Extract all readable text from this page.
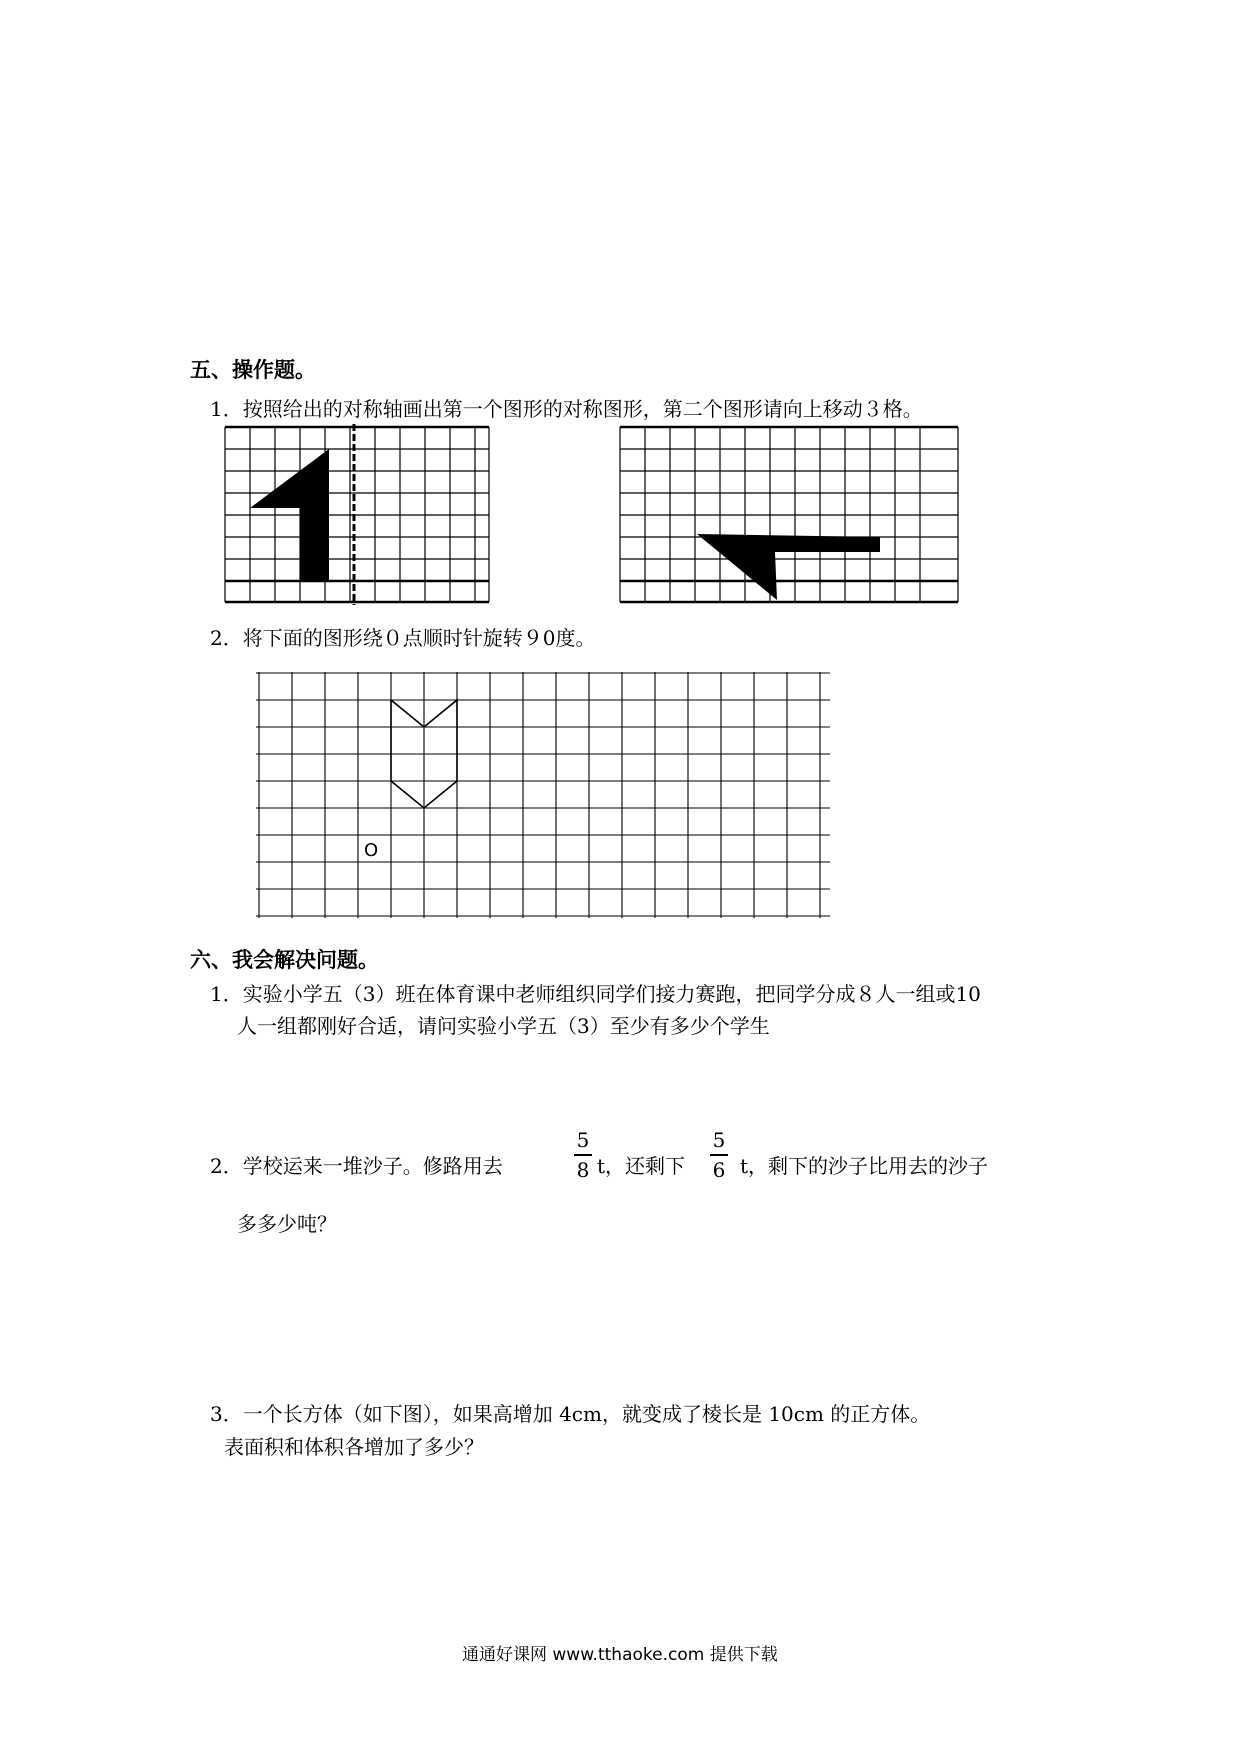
五、操作题。
1．按照给出的对称轴画出第一个图形的对称图形，第二个图形请向上移动３格。
2．将下面的图形绕０点顺时针旋转９0度。
O
六、我会解决问题。
1．实验小学五（3）班在体育课中老师组织同学们接力赛跑，把同学分成８人一组或10
人一组都刚好合适，请问实验小学五（3）至少有多少个学生
2．学校运来一堆沙子。修路用去
5
8 t，还剩下
5
6 t，剩下的沙子比用去的沙子
多多少吨？
3．一个长方体（如下图），如果高增加 4cm，就变成了棱长是 10cm 的正方体。
表面积和体积各增加了多少？
通通好课网 www.tthaoke.com 提供下载
